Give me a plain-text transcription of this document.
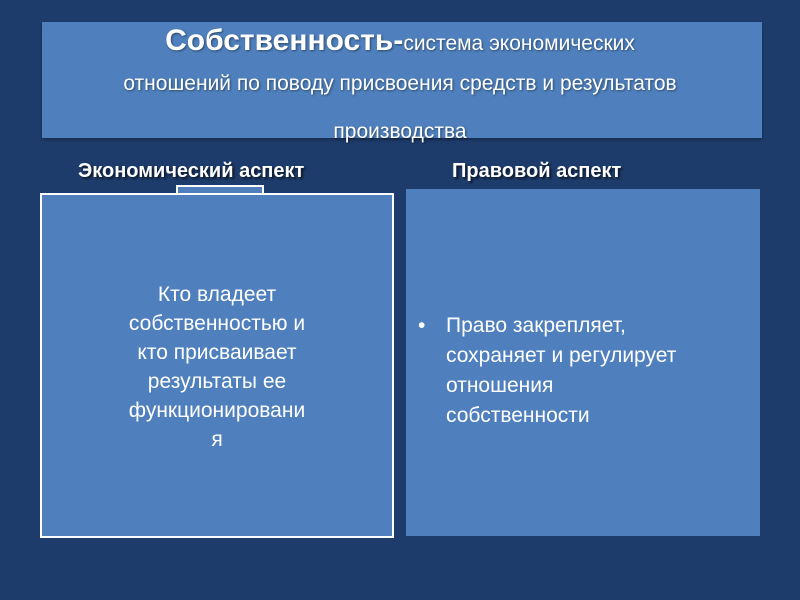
Собственность-система экономических
отношений по поводу присвоения средств и результатов
производства
Экономический аспект	Правовой аспект
Кто владеет
собственностью и
кто присваивает
результаты ее
функционировани
я
• Право закрепляет,
сохраняет и регулирует
отношения
собственности
